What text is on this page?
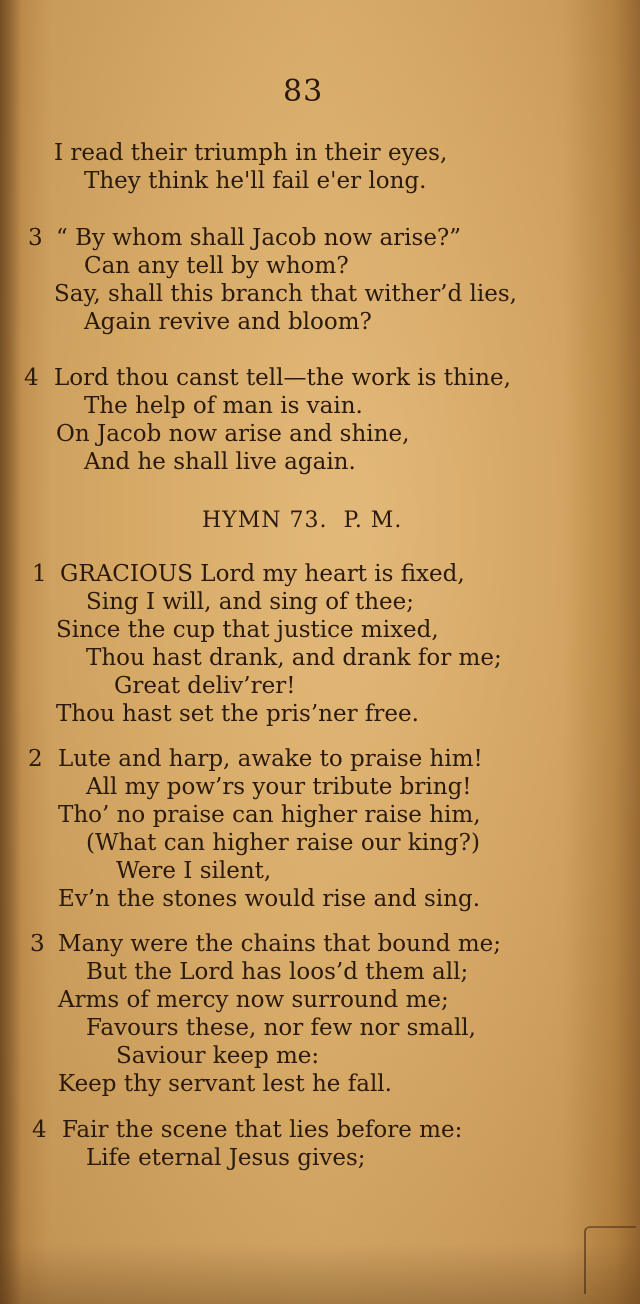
83
I read their triumph in their eyes,
They think he'll fail e'er long.
3 “ By whom shall Jacob now arise?”
Can any tell by whom?
Say, shall this branch that wither’d lies,
Again revive and bloom?
4 Lord thou canst tell—the work is thine,
The help of man is vain.
On Jacob now arise and shine,
And he shall live again.
HYMN 73. P. M.
1 GRACIOUS Lord my heart is fixed,
Sing I will, and sing of thee;
Since the cup that justice mixed,
Thou hast drank, and drank for me;
Great deliv’rer!
Thou hast set the pris’ner free.
2 Lute and harp, awake to praise him!
All my pow’rs your tribute bring!
Tho’ no praise can higher raise him,
(What can higher raise our king?)
Were I silent,
Ev’n the stones would rise and sing.
3 Many were the chains that bound me;
But the Lord has loos’d them all;
Arms of mercy now surround me;
Favours these, nor few nor small,
Saviour keep me:
Keep thy servant lest he fall.
4 Fair the scene that lies before me:
Life eternal Jesus gives;
